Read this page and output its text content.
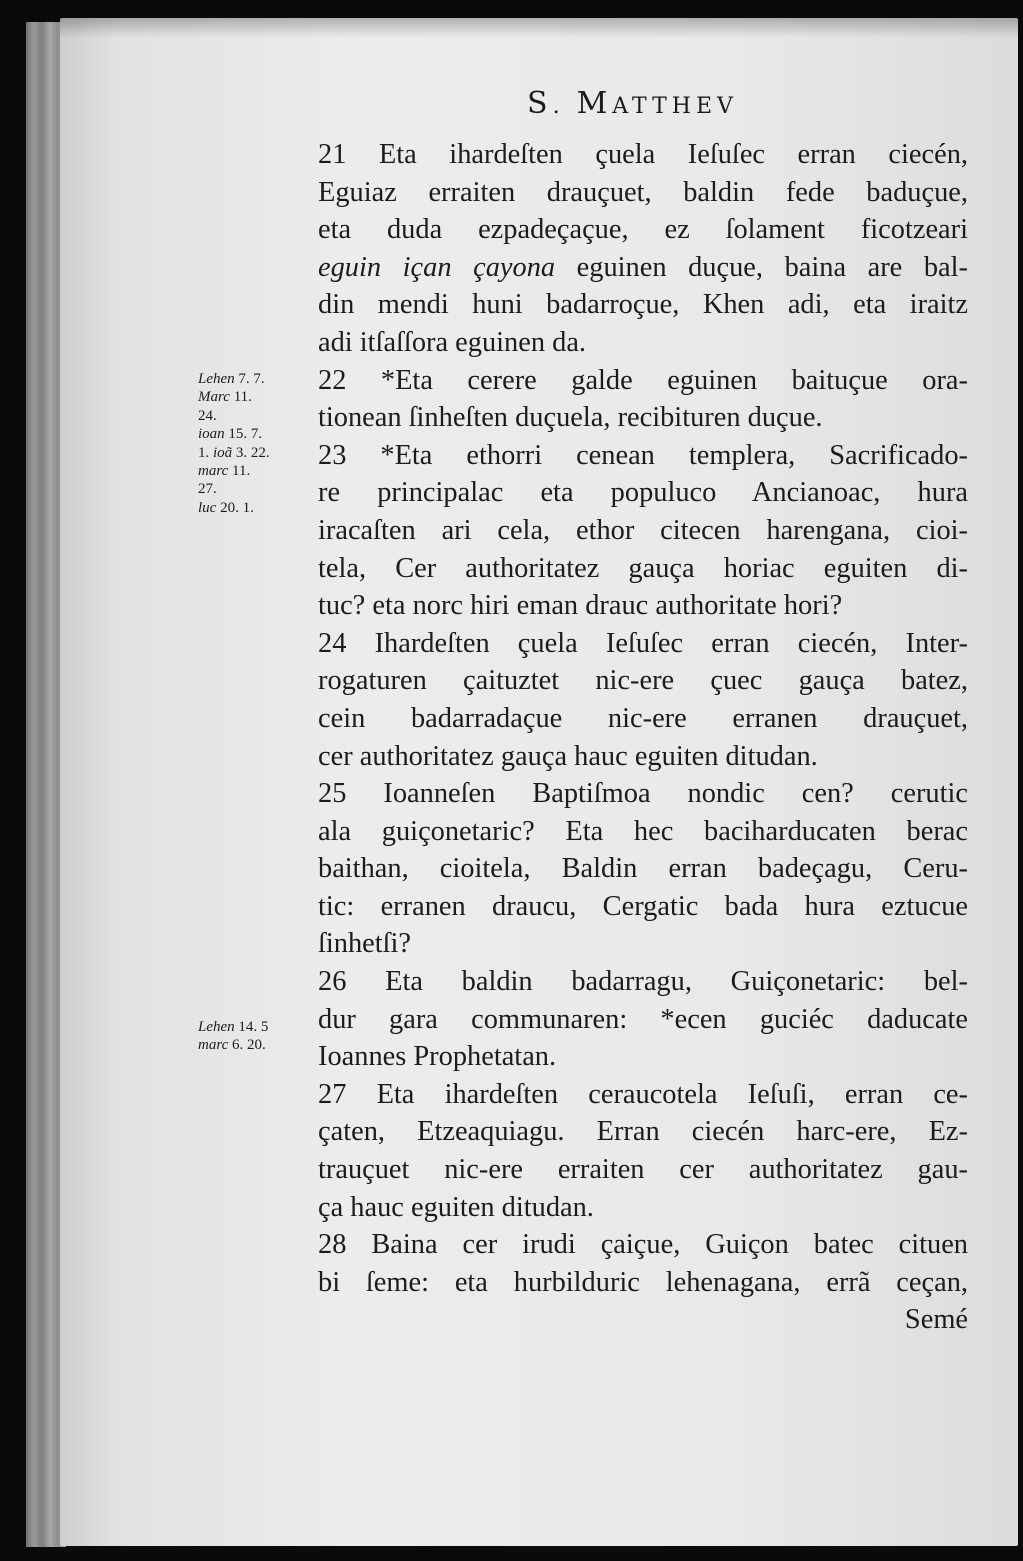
S. MATTHEV
Lehen 7. 7.
Marc 11.
24.
ioan 15. 7.
1. ioã 3. 22.
marc 11.
27.
luc 20. 1.
Lehen 14. 5
marc 6. 20.
21 Eta ihardeſten çuela Ieſuſec erran ciecén,
Eguiaz erraiten drauçuet, baldin fede baduçue,
eta duda ezpadeçaçue, ez ſolament ficotzeari
eguin içan çayona eguinen duçue, baina are bal-
din mendi huni badarroçue, Khen adi, eta iraitz
adi itſaſſora eguinen da.
22 *Eta cerere galde eguinen baituçue ora-
tionean ſinheſten duçuela, recibituren duçue.
23 *Eta ethorri cenean templera, Sacrificado-
re principalac eta populuco Ancianoac, hura
iracaſten ari cela, ethor citecen harengana, cioi-
tela, Cer authoritatez gauça horiac eguiten di-
tuc? eta norc hiri eman drauc authoritate hori?
24 Ihardeſten çuela Ieſuſec erran ciecén, Inter-
rogaturen çaituztet nic-ere çuec gauça batez,
cein badarradaçue nic-ere erranen drauçuet,
cer authoritatez gauça hauc eguiten ditudan.
25 Ioanneſen Baptiſmoa nondic cen? cerutic
ala guiçonetaric? Eta hec baciharducaten berac
baithan, cioitela, Baldin erran badeçagu, Ceru-
tic: erranen draucu, Cergatic bada hura eztucue
ſinhetſi?
26 Eta baldin badarragu, Guiçonetaric: bel-
dur gara communaren: *ecen guciéc daducate
Ioannes Prophetatan.
27 Eta ihardeſten ceraucotela Ieſuſi, erran ce-
çaten, Etzeaquiagu. Erran ciecén harc-ere, Ez-
trauçuet nic-ere erraiten cer authoritatez gau-
ça hauc eguiten ditudan.
28 Baina cer irudi çaiçue, Guiçon batec cituen
bi ſeme: eta hurbilduric lehenagana, errã ceçan,
Semé
